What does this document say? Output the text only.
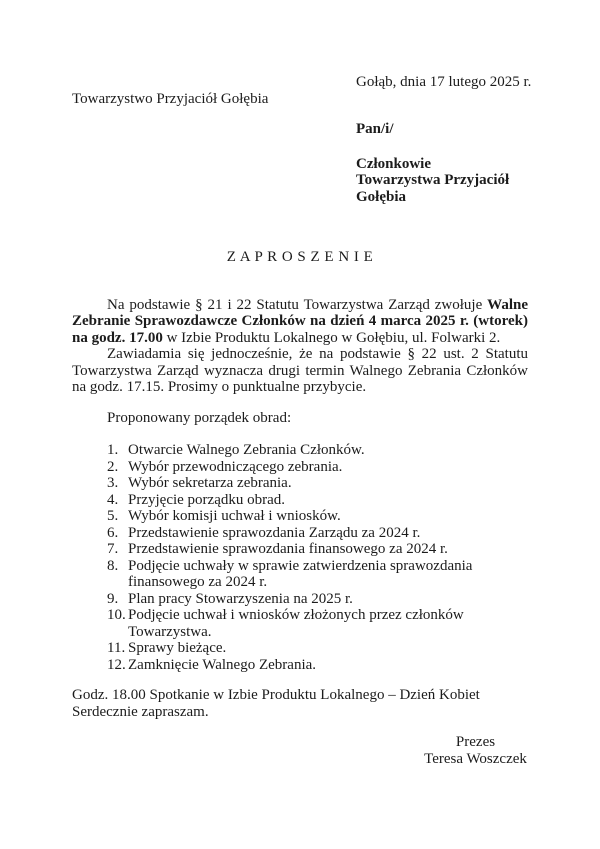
Gołąb, dnia 17 lutego 2025 r.
Towarzystwo Przyjaciół Gołębia
Pan/i/
Członkowie
Towarzystwa Przyjaciół
Gołębia
Z A P R O S Z E N I E

Na podstawie § 21 i 22 Statutu Towarzystwa Zarząd zwołuje Walne Zebranie Sprawozdawcze Członków na dzień 4 marca 2025 r. (wtorek) na godz. 17.00 w Izbie Produktu Lokalnego w Gołębiu, ul. Folwarki 2.

Zawiadamia się jednocześnie, że na podstawie § 22 ust. 2 Statutu Towarzystwa Zarząd wyznacza drugi termin Walnego Zebrania Członków na godz. 17.15. Prosimy o punktualne przybycie.

Proponowany porządek obrad:

Otwarcie Walnego Zebrania Członków.
Wybór przewodniczącego zebrania.
Wybór sekretarza zebrania.
Przyjęcie porządku obrad.
Wybór komisji uchwał i wniosków.
Przedstawienie sprawozdania Zarządu za 2024 r.
Przedstawienie sprawozdania finansowego za 2024 r.
Podjęcie uchwały w sprawie zatwierdzenia sprawozdania finansowego za 2024 r.
Plan pracy Stowarzyszenia na 2025 r.
Podjęcie uchwał i wniosków złożonych przez członków Towarzystwa.
Sprawy bieżące.
Zamknięcie Walnego Zebrania.
Godz. 18.00 Spotkanie w Izbie Produktu Lokalnego – Dzień Kobiet
Serdecznie zapraszam.
Prezes
Teresa Woszczek
